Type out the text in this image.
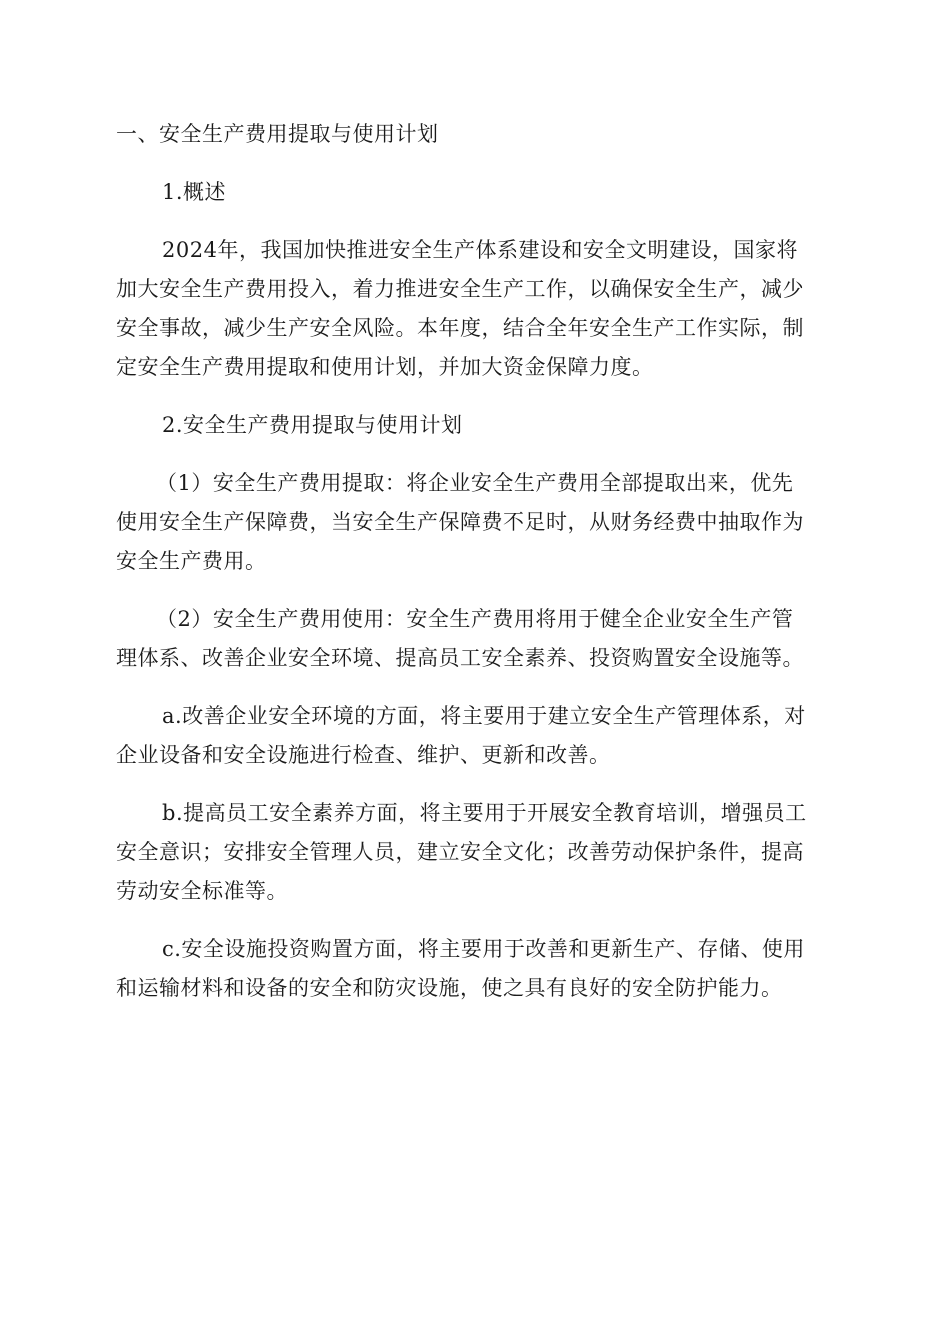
一、安全生产费用提取与使用计划
1.概述
2024年，我国加快推进安全生产体系建设和安全文明建设，国家将
加大安全生产费用投入，着力推进安全生产工作，以确保安全生产，减少
安全事故，减少生产安全风险。本年度，结合全年安全生产工作实际，制
定安全生产费用提取和使用计划，并加大资金保障力度。
2.安全生产费用提取与使用计划
（1）安全生产费用提取：将企业安全生产费用全部提取出来，优先
使用安全生产保障费，当安全生产保障费不足时，从财务经费中抽取作为
安全生产费用。
（2）安全生产费用使用：安全生产费用将用于健全企业安全生产管
理体系、改善企业安全环境、提高员工安全素养、投资购置安全设施等。
a.改善企业安全环境的方面，将主要用于建立安全生产管理体系，对
企业设备和安全设施进行检查、维护、更新和改善。
b.提高员工安全素养方面，将主要用于开展安全教育培训，增强员工
安全意识；安排安全管理人员，建立安全文化；改善劳动保护条件，提高
劳动安全标准等。
c.安全设施投资购置方面，将主要用于改善和更新生产、存储、使用
和运输材料和设备的安全和防灾设施，使之具有良好的安全防护能力。
